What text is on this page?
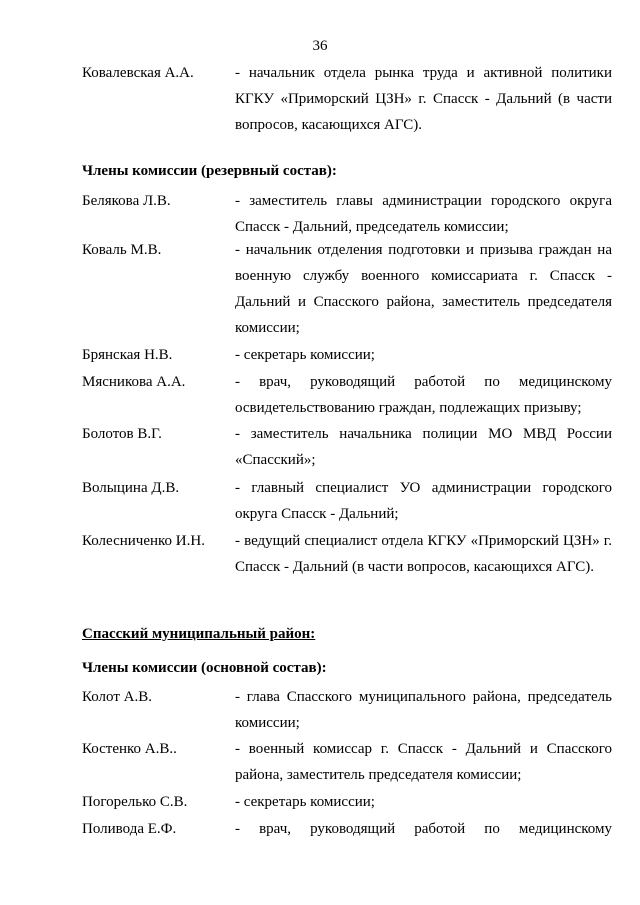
36
Ковалевская А.А.	- начальник отдела рынка труда и активной политики КГКУ «Приморский ЦЗН» г. Спасск - Дальний (в части вопросов, касающихся АГС).
Члены комиссии (резервный состав):
Белякова Л.В.	- заместитель главы администрации городского округа Спасск - Дальний, председатель комиссии;
Коваль М.В.	- начальник отделения подготовки и призыва граждан на военную службу военного комиссариата г. Спасск - Дальний и Спасского района, заместитель председателя комиссии;
Брянская Н.В.	- секретарь комиссии;
Мясникова А.А.	- врач, руководящий работой по медицинскому освидетельствованию граждан, подлежащих призыву;
Болотов В.Г.	- заместитель начальника полиции МО МВД России «Спасский»;
Волыцина Д.В.	- главный специалист УО администрации городского округа Спасск - Дальний;
Колесниченко И.Н. - ведущий специалист отдела КГКУ «Приморский ЦЗН» г. Спасск - Дальний (в части вопросов, касающихся АГС).
Спасский муниципальный район:
Члены комиссии (основной состав):
Колот А.В.	- глава Спасского муниципального района, председатель комиссии;
Костенко А.В..	- военный комиссар г. Спасск - Дальний и Спасского района, заместитель председателя комиссии;
Погорелько С.В.	- секретарь комиссии;
Поливода Е.Ф.	- врач, руководящий работой по медицинскому
